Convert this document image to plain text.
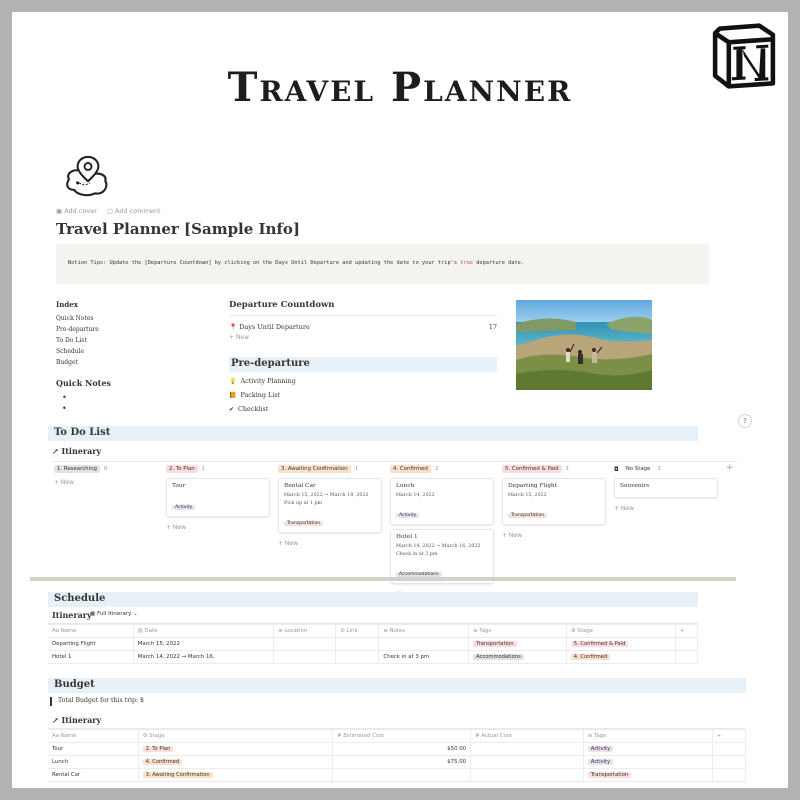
Travel Planner
▣ Add cover ▢ Add comment
Travel Planner [Sample Info]
Notion Tips: Update the [Departure Countdown] by clicking on the Days Until Departure and updating the date to your trip's true departure date.
Index
Quick Notes
Pre-departure
To Do List
Schedule
Budget
Quick Notes
•
•
Departure Countdown
📍 Days Until Departure	17
+ New
Pre-departure
💡 Activity Planning
📙 Packing List
✔ Checklist
?
To Do List
↗ Itinerary
1. Researching	0
+ New
2. To Plan	1
Tour
Activity
+ New
3. Awaiting Confirmation	1
Rental Car
March 15, 2022 → March 18, 2022
Pick up at 1 pm
Transportation
+ New
4. Confirmed	2
Lunch
March 14, 2022
Activity
Hotel 1
March 14, 2022 → March 16, 2022
Check in at 3 pm
Accommodations
5. Confirmed & Paid	1
Departing Flight
March 15, 2022
Transportation
+ New
◘	No Stage	1
Souvenirs
+ New
+
Schedule
Itinerary
▦ Full Itinerary ⌄
Aa Name	▤ Date	≡ Location	⊘ Link	≡ Notes	≡ Tags	⚙ Stage	+
Departing Flight	March 15, 2022				Transportation	5. Confirmed & Paid	
Hotel 1	March 14, 2022 → March 16,			Check in at 3 pm	Accommodations	4. Confirmed	
Budget
Total Budget for this trip: $
↗ Itinerary
Aa Name	⚙ Stage	# Estimated Cost	# Actual Cost	≡ Tags	+
Tour	2. To Plan	$50.00		Activity	
Lunch	4. Confirmed	$75.00		Activity	
Rental Car	3. Awaiting Confirmation			Transportation	
